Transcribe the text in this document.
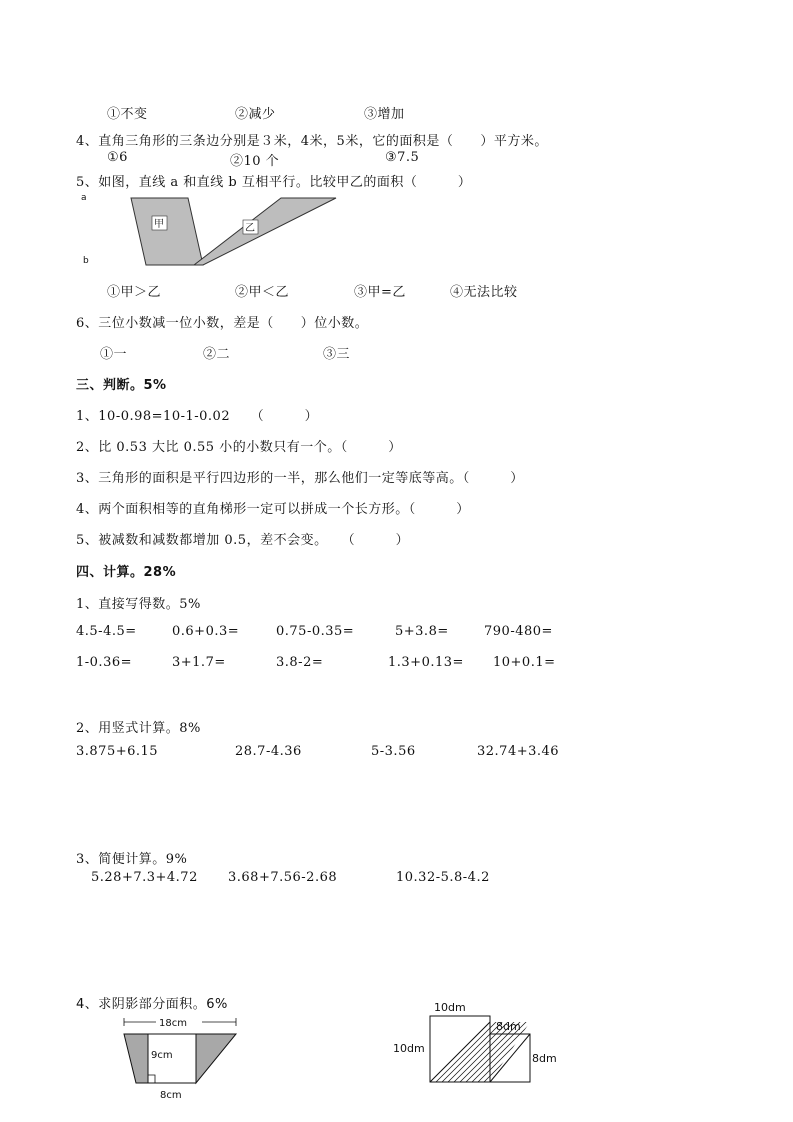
①不变	②减少	③增加
4、直角三角形的三条边分别是３米，4米，5米，它的面积是（　　）平方米。
①6	②10 个	③7.5
5、如图，直线 a 和直线 b 互相平行。比较甲乙的面积（　　　）
a
b
甲	乙
①甲＞乙	②甲＜乙	③甲=乙	④无法比较
6、三位小数减一位小数，差是（　　）位小数。
①一	②二	③三
三、判断。5%
1、10-0.98=10-1-0.02　　（　　　）
2、比 0.53 大比 0.55 小的小数只有一个。（　　　）
3、三角形的面积是平行四边形的一半，那么他们一定等底等高。（　　　）
4、两个面积相等的直角梯形一定可以拼成一个长方形。（　　　）
5、被减数和减数都增加 0.5，差不会变。　　（　　　）
四、计算。28%
1、直接写得数。5%
4.5-4.5=	0.6+0.3=	0.75-0.35=	5+3.8=	790-480=
1-0.36=	3+1.7=	3.8-2=	1.3+0.13= 10+0.1=
2、用竖式计算。8%
3.875+6.15	28.7-4.36	5-3.56	32.74+3.46
3、简便计算。9%
5.28+7.3+4.72 3.68+7.56-2.68	10.32-5.8-4.2
4、求阴影部分面积。6%
18cm
9cm
8cm
10dm
10dm
8dm
8dm
